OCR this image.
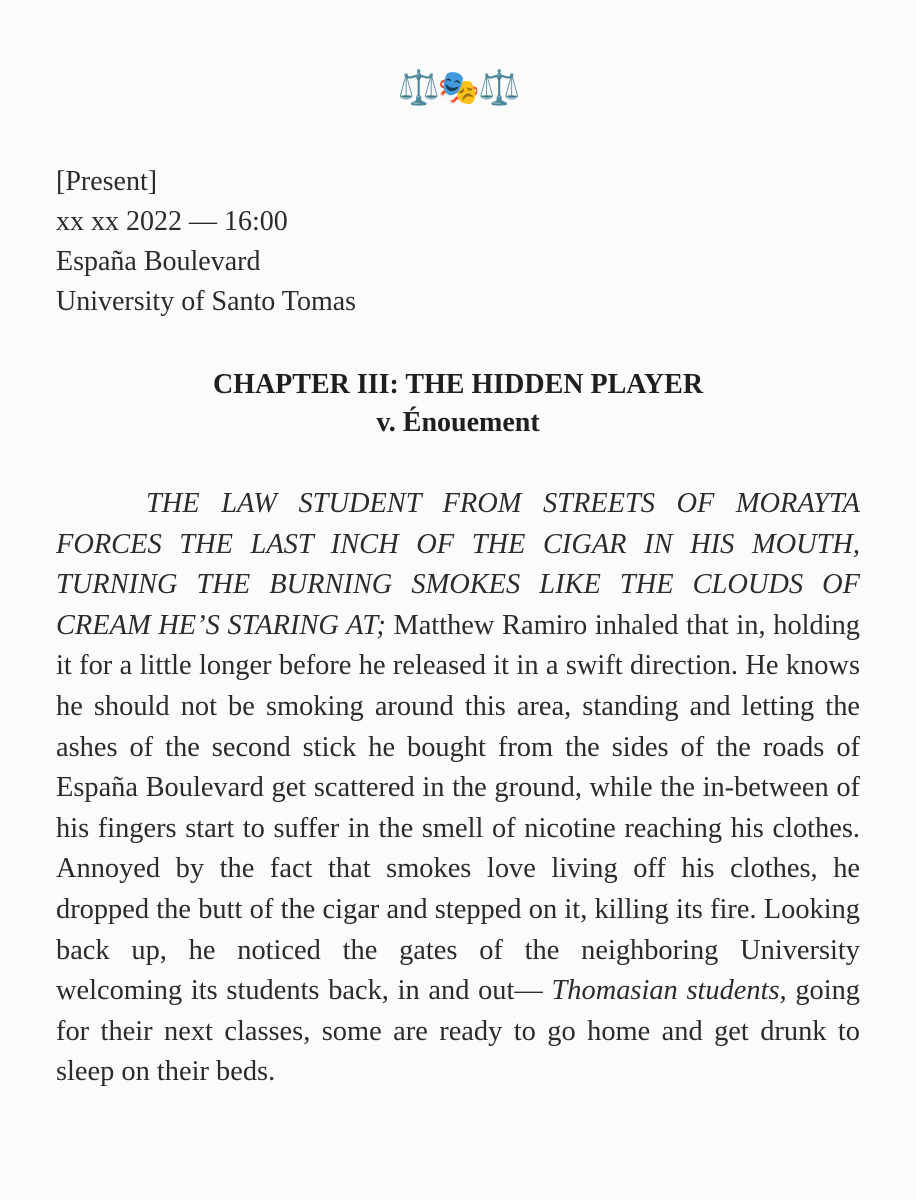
⚖️🎭⚖️
[Present]
xx xx 2022 — 16:00
España Boulevard
University of Santo Tomas
CHAPTER III: THE HIDDEN PLAYER
v. Énouement

THE LAW STUDENT FROM STREETS OF MORAYTA FORCES THE LAST INCH OF THE CIGAR IN HIS MOUTH, TURNING THE BURNING SMOKES LIKE THE CLOUDS OF CREAM HE’S STARING AT; Matthew Ramiro inhaled that in, holding it for a little longer before he released it in a swift direction. He knows he should not be smoking around this area, standing and letting the ashes of the second stick he bought from the sides of the roads of España Boulevard get scattered in the ground, while the in-between of his fingers start to suffer in the smell of nicotine reaching his clothes. Annoyed by the fact that smokes love living off his clothes, he dropped the butt of the cigar and stepped on it, killing its fire. Looking back up, he noticed the gates of the neighboring University welcoming its students back, in and out— Thomasian students, going for their next classes, some are ready to go home and get drunk to sleep on their beds.
